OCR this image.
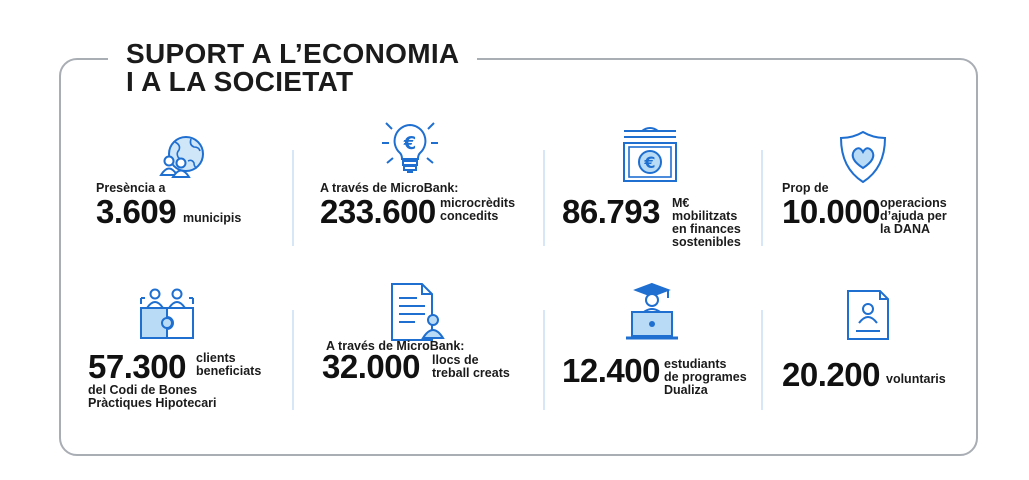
SUPORT A L’ECONOMIA
I A LA SOCIETAT
€
€
Presència a
3.609 municipis
A través de MicroBank:
233.600 microcrèdits
concedits 86.793 M€
mobilitzats
en finances
sostenibles
Prop de
10.000 operacions
d’ajuda per
la DANA
57.300 clients
beneficiats
del Codi de Bones
Pràctiques Hipotecari
A través de MicroBank:
32.000 llocs de
treball creats 12.400 estudiants
de programes
Dualiza 20.200 voluntaris
